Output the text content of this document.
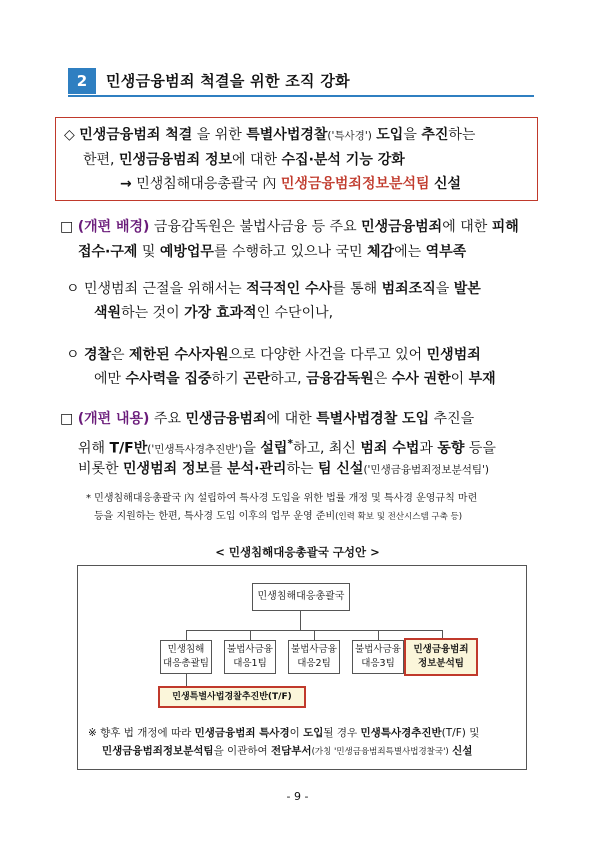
2	민생금융범죄 척결을 위한 조직 강화
◇ 민생금융범죄 척결 을 위한 특별사법경찰('특사경') 도입을 추진하는
한편, 민생금융범죄 정보에 대한 수집·분석 기능 강화
→ 민생침해대응총괄국 內 민생금융범죄정보분석팀 신설
□ (개편 배경) 금융감독원은 불법사금융 등 주요 민생금융범죄에 대한 피해
접수·구제 및 예방업무를 수행하고 있으나 국민 체감에는 역부족
ㅇ 민생범죄 근절을 위해서는 적극적인 수사를 통해 범죄조직을 발본
색원하는 것이 가장 효과적인 수단이나,
ㅇ 경찰은 제한된 수사자원으로 다양한 사건을 다루고 있어 민생범죄
에만 수사력을 집중하기 곤란하고, 금융감독원은 수사 권한이 부재
□ (개편 내용) 주요 민생금융범죄에 대한 특별사법경찰 도입 추진을
위해 T/F반('민생특사경추진반')을 설립*하고, 최신 범죄 수법과 동향 등을
비롯한 민생범죄 정보를 분석·관리하는 팀 신설('민생금융범죄정보분석팀')
* 민생침해대응총괄국 內 설립하여 특사경 도입을 위한 법률 개정 및 특사경 운영규칙 마련
등을 지원하는 한편, 특사경 도입 이후의 업무 운영 준비(인력 확보 및 전산시스템 구축 등)
< 민생침해대응총괄국 구성안 >
민생침해대응총괄국
민생침해
대응총괄팀
불법사금융
대응1팀
불법사금융
대응2팀
불법사금융
대응3팀
민생금융범죄
정보분석팀
민생특별사법경찰추진반(T/F)
※ 향후 법 개정에 따라 민생금융범죄 특사경이 도입될 경우 민생특사경추진반(T/F) 및
민생금융범죄정보분석팀을 이관하여 전담부서(가칭 '민생금융범죄특별사법경찰국') 신설
- 9 -
